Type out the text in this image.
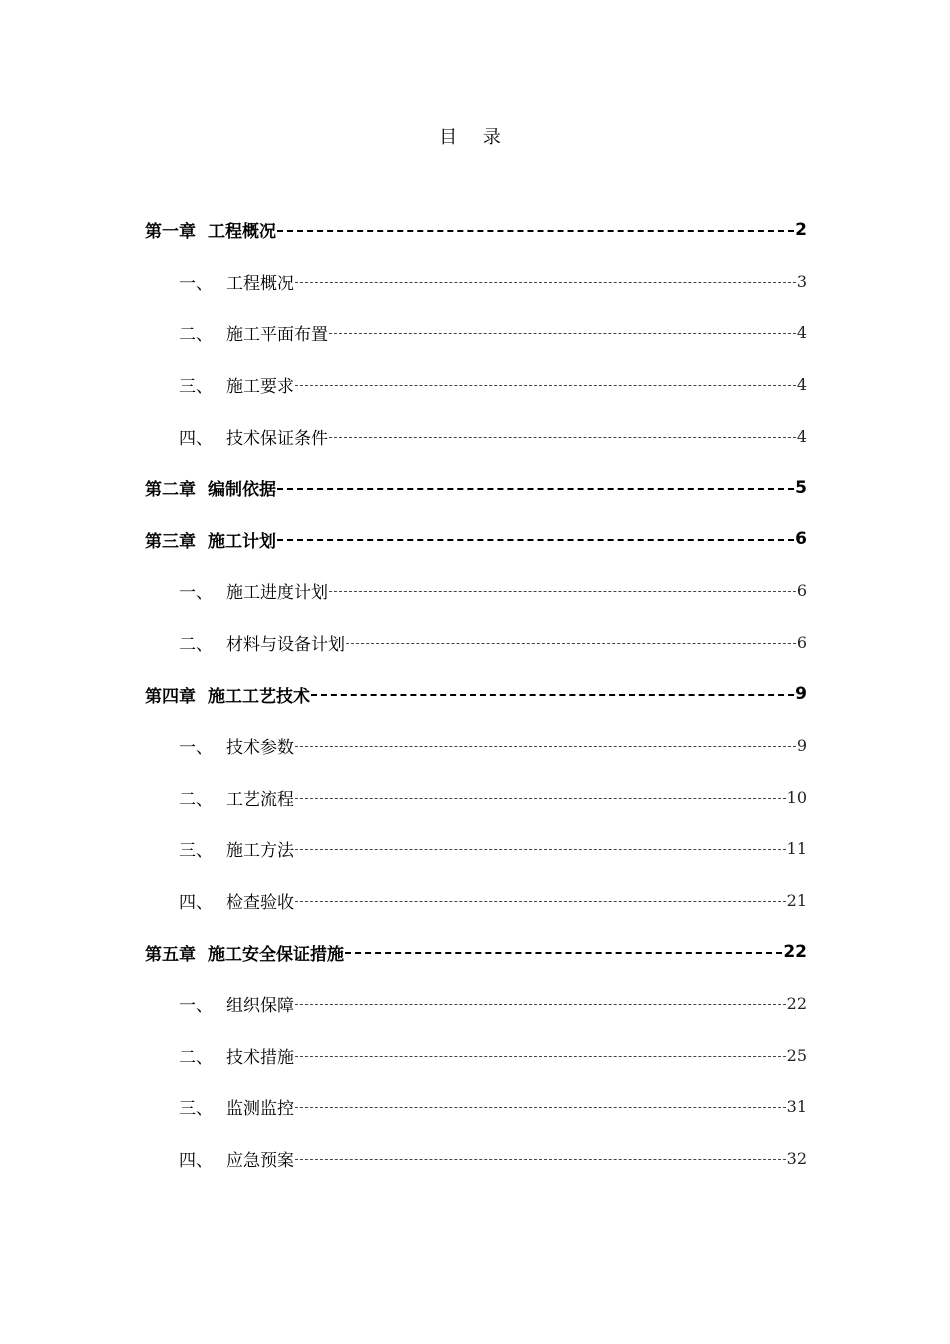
目 录
第一章 工程概况	2
一、 工程概况	3
二、 施工平面布置	4
三、 施工要求	4
四、 技术保证条件	4
第二章 编制依据	5
第三章 施工计划	6
一、 施工进度计划	6
二、 材料与设备计划	6
第四章 施工工艺技术	9
一、 技术参数	9
二、 工艺流程	10
三、 施工方法	11
四、 检查验收	21
第五章 施工安全保证措施	22
一、 组织保障	22
二、 技术措施	25
三、 监测监控	31
四、 应急预案	32
